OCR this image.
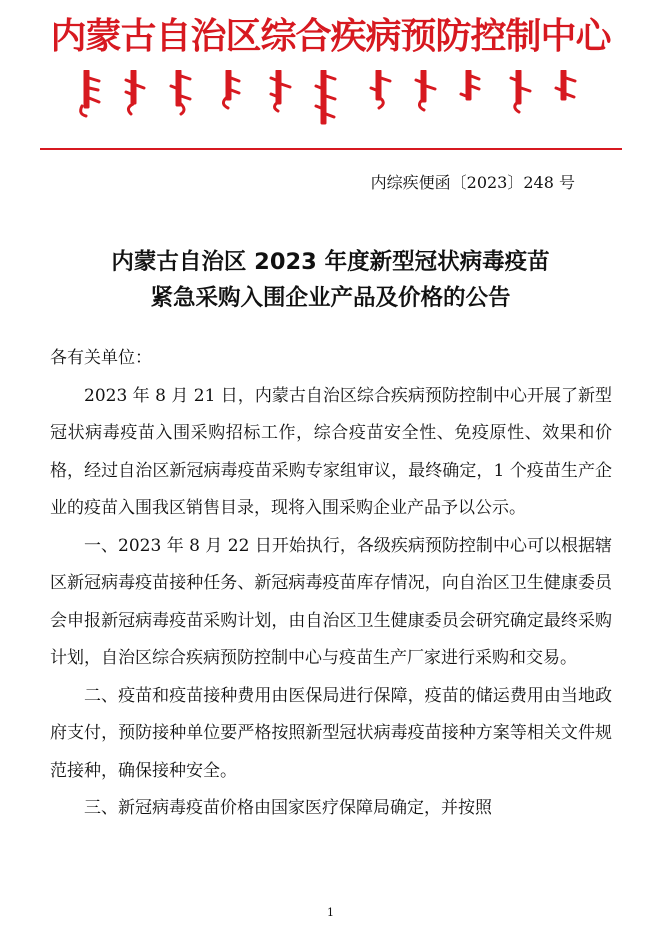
内蒙古自治区综合疾病预防控制中心
内综疾便函〔2023〕248 号
内蒙古自治区 2023 年度新型冠状病毒疫苗
紧急采购入围企业产品及价格的公告

各有关单位：

2023 年 8 月 21 日，内蒙古自治区综合疾病预防控制中心开展了新型冠状病毒疫苗入围采购招标工作，综合疫苗安全性、免疫原性、效果和价格，经过自治区新冠病毒疫苗采购专家组审议，最终确定，1 个疫苗生产企业的疫苗入围我区销售目录，现将入围采购企业产品予以公示。

一、2023 年 8 月 22 日开始执行，各级疾病预防控制中心可以根据辖区新冠病毒疫苗接种任务、新冠病毒疫苗库存情况，向自治区卫生健康委员会申报新冠病毒疫苗采购计划，由自治区卫生健康委员会研究确定最终采购计划，自治区综合疾病预防控制中心与疫苗生产厂家进行采购和交易。

二、疫苗和疫苗接种费用由医保局进行保障，疫苗的储运费用由当地政府支付，预防接种单位要严格按照新型冠状病毒疫苗接种方案等相关文件规范接种，确保接种安全。

三、新冠病毒疫苗价格由国家医疗保障局确定，并按照

1
